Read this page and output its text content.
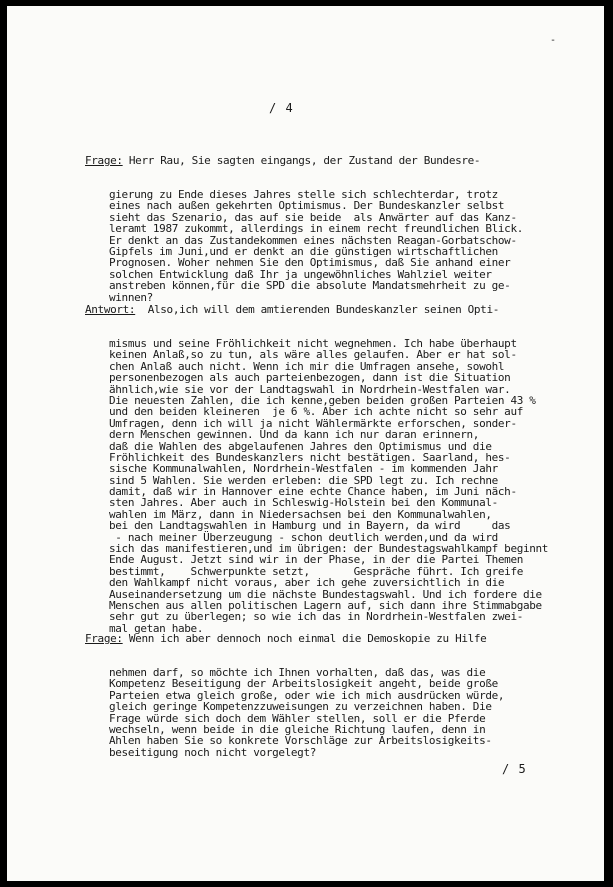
-
/ 4

Frage: Herr Rau, Sie sagten eingangs, der Zustand der Bundesre-

gierung zu Ende dieses Jahres stelle sich schlechterdar, trotz
eines nach außen gekehrten Optimismus. Der Bundeskanzler selbst
sieht das Szenario, das auf sie beide  als Anwärter auf das Kanz-
leramt 1987 zukommt, allerdings in einem recht freundlichen Blick.
Er denkt an das Zustandekommen eines nächsten Reagan-Gorbatschow-
Gipfels im Juni,und er denkt an die günstigen wirtschaftlichen
Prognosen. Woher nehmen Sie den Optimismus, daß Sie anhand einer
solchen Entwicklung daß Ihr ja ungewöhnliches Wahlziel weiter
anstreben können,für die SPD die absolute Mandatsmehrheit zu ge-
winnen?

Antwort:  Also,ich will dem amtierenden Bundeskanzler seinen Opti-

mismus und seine Fröhlichkeit nicht wegnehmen. Ich habe überhaupt
keinen Anlaß,so zu tun, als wäre alles gelaufen. Aber er hat sol-
chen Anlaß auch nicht. Wenn ich mir die Umfragen ansehe, sowohl
personenbezogen als auch parteienbezogen, dann ist die Situation
ähnlich,wie sie vor der Landtagswahl in Nordrhein-Westfalen war.
Die neuesten Zahlen, die ich kenne,geben beiden großen Parteien 43 %
und den beiden kleineren  je 6 %. Aber ich achte nicht so sehr auf
Umfragen, denn ich will ja nicht Wählermärkte erforschen, sonder-
dern Menschen gewinnen. Und da kann ich nur daran erinnern,
daß die Wahlen des abgelaufenen Jahres den Optimismus und die
Fröhlichkeit des Bundeskanzlers nicht bestätigen. Saarland, hes-
sische Kommunalwahlen, Nordrhein-Westfalen - im kommenden Jahr
sind 5 Wahlen. Sie werden erleben: die SPD legt zu. Ich rechne
damit, daß wir in Hannover eine echte Chance haben, im Juni näch-
sten Jahres. Aber auch in Schleswig-Holstein bei den Kommunal-
wahlen im März, dann in Niedersachsen bei den Kommunalwahlen,
bei den Landtagswahlen in Hamburg und in Bayern, da wird     das
- nach meiner Überzeugung - schon deutlich werden,und da wird
sich das manifestieren,und im übrigen: der Bundestagswahlkampf beginnt
Ende August. Jetzt sind wir in der Phase, in der die Partei Themen
bestimmt,    Schwerpunkte setzt,       Gespräche führt. Ich greife
den Wahlkampf nicht voraus, aber ich gehe zuversichtlich in die
Auseinandersetzung um die nächste Bundestagswahl. Und ich fordere die
Menschen aus allen politischen Lagern auf, sich dann ihre Stimmabgabe
sehr gut zu überlegen; so wie ich das in Nordrhein-Westfalen zwei-
mal getan habe.

Frage: Wenn ich aber dennoch noch einmal die Demoskopie zu Hilfe

nehmen darf, so möchte ich Ihnen vorhalten, daß das, was die
Kompetenz Beseitigung der Arbeitslosigkeit angeht, beide große
Parteien etwa gleich große, oder wie ich mich ausdrücken würde,
gleich geringe Kompetenzzuweisungen zu verzeichnen haben. Die
Frage würde sich doch dem Wähler stellen, soll er die Pferde
wechseln, wenn beide in die gleiche Richtung laufen, denn in
Ahlen haben Sie so konkrete Vorschläge zur Arbeitslosigkeits-
beseitigung noch nicht vorgelegt?

/ 5
